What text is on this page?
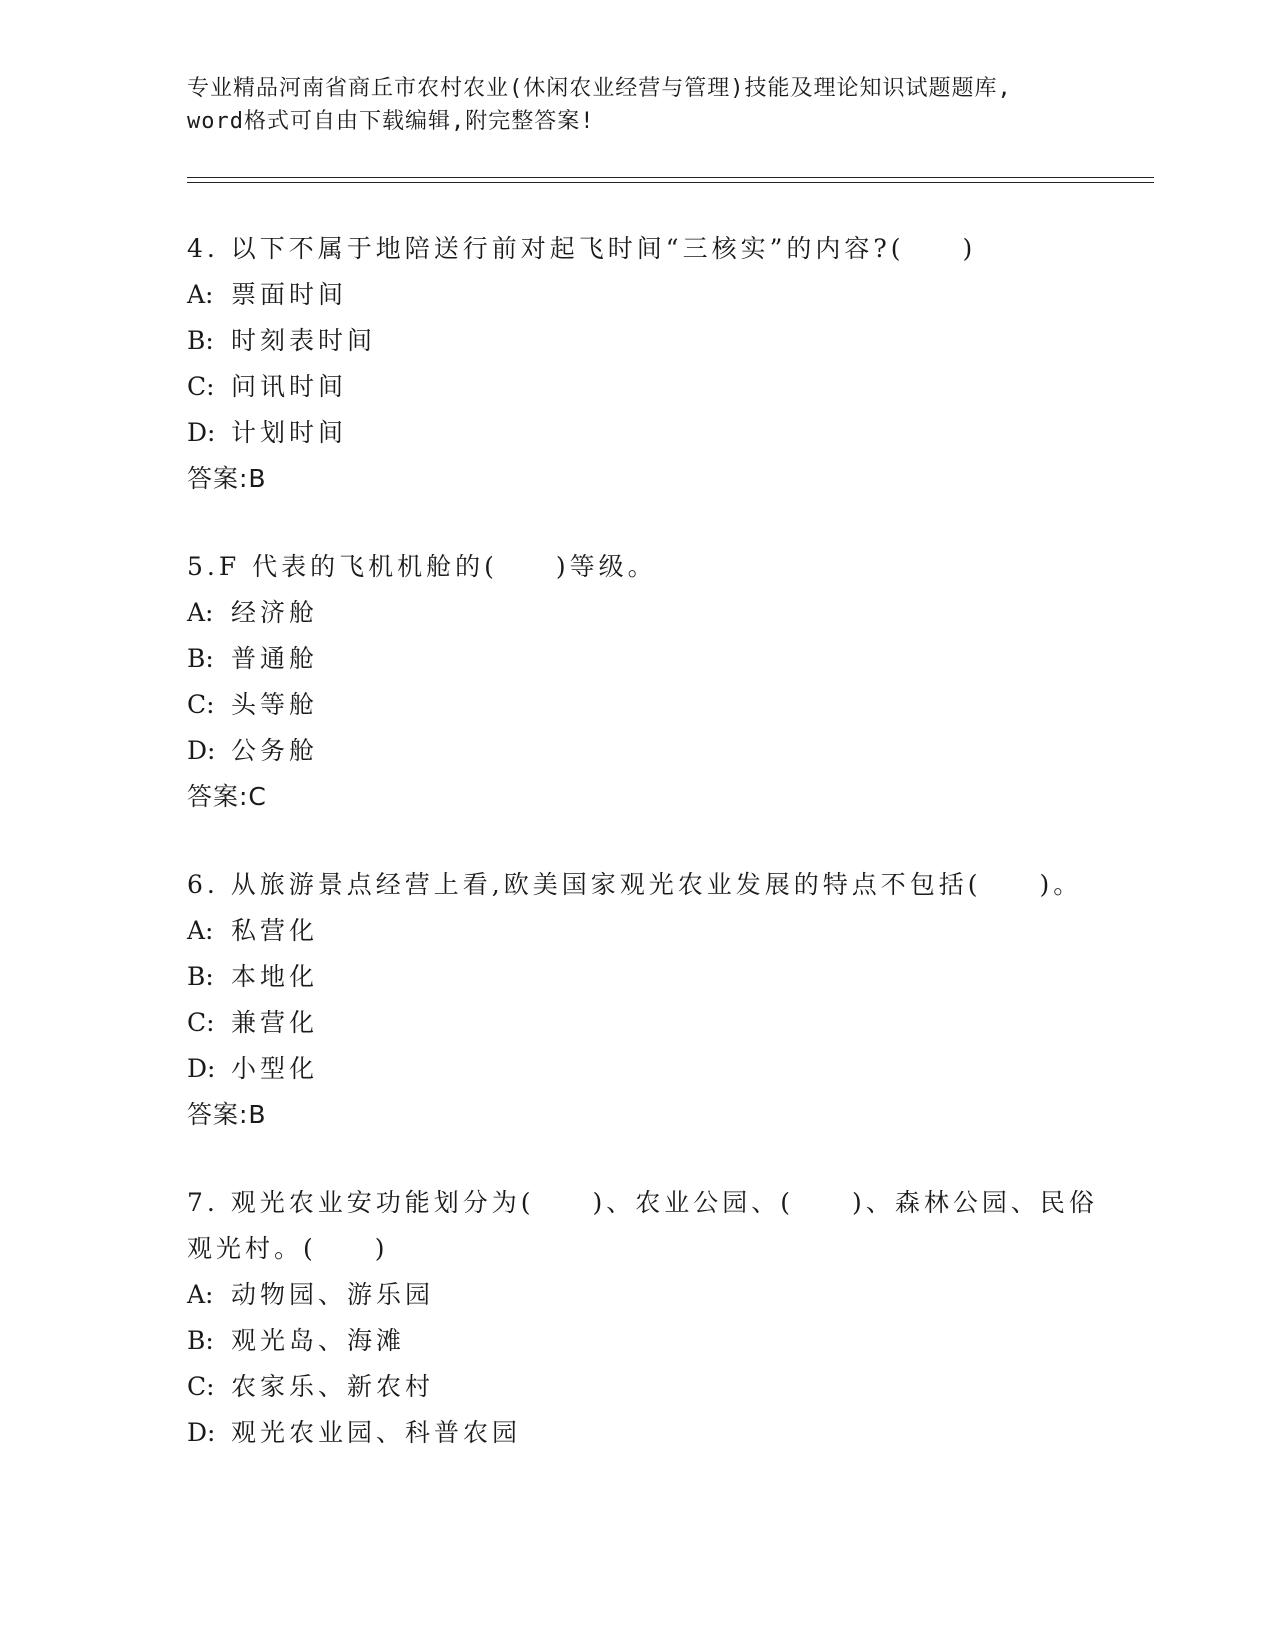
专业精品河南省商丘市农村农业(休闲农业经营与管理)技能及理论知识试题题库,
word格式可自由下载编辑,附完整答案!
4. 以下不属于地陪送行前对起飞时间“三核实”的内容?(　　)
A: 票面时间
B: 时刻表时间
C: 问讯时间
D: 计划时间
答案:B
5.F 代表的飞机机舱的(　　)等级。
A: 经济舱
B: 普通舱
C: 头等舱
D: 公务舱
答案:C
6. 从旅游景点经营上看,欧美国家观光农业发展的特点不包括(　　)。
A: 私营化
B: 本地化
C: 兼营化
D: 小型化
答案:B
7. 观光农业安功能划分为(　　)、农业公园、(　　)、森林公园、民俗观光村。(　　)
A: 动物园、游乐园
B: 观光岛、海滩
C: 农家乐、新农村
D: 观光农业园、科普农园
